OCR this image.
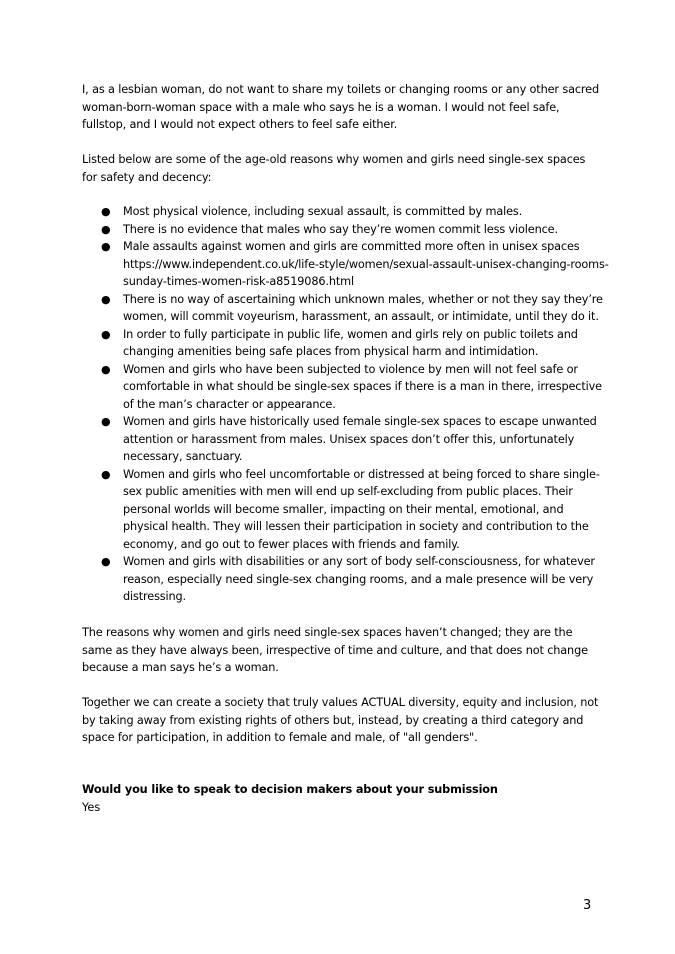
I, as a lesbian woman, do not want to share my toilets or changing rooms or any other sacred woman-born-woman space with a male who says he is a woman. I would not feel safe, fullstop, and I would not expect others to feel safe either.

Listed below are some of the age-old reasons why women and girls need single-sex spaces for safety and decency:

● Most physical violence, including sexual assault, is committed by males.
● There is no evidence that males who say they’re women commit less violence.
● Male assaults against women and girls are committed more often in unisex spaces
https://www.independent.co.uk/life-style/women/sexual-assault-unisex-changing-rooms-sunday-times-women-risk-a8519086.html
● There is no way of ascertaining which unknown males, whether or not they say they’re women, will commit voyeurism, harassment, an assault, or intimidate, until they do it.
● In order to fully participate in public life, women and girls rely on public toilets and changing amenities being safe places from physical harm and intimidation.
● Women and girls who have been subjected to violence by men will not feel safe or comfortable in what should be single-sex spaces if there is a man in there, irrespective of the man’s character or appearance.
● Women and girls have historically used female single-sex spaces to escape unwanted attention or harassment from males. Unisex spaces don’t offer this, unfortunately necessary, sanctuary.
● Women and girls who feel uncomfortable or distressed at being forced to share single-sex public amenities with men will end up self-excluding from public places. Their personal worlds will become smaller, impacting on their mental, emotional, and physical health. They will lessen their participation in society and contribution to the economy, and go out to fewer places with friends and family.
● Women and girls with disabilities or any sort of body self-consciousness, for whatever reason, especially need single-sex changing rooms, and a male presence will be very distressing.

The reasons why women and girls need single-sex spaces haven’t changed; they are the same as they have always been, irrespective of time and culture, and that does not change because a man says he’s a woman.

Together we can create a society that truly values ACTUAL diversity, equity and inclusion, not by taking away from existing rights of others but, instead, by creating a third category and space for participation, in addition to female and male, of "all genders".

Would you like to speak to decision makers about your submission

Yes

3
